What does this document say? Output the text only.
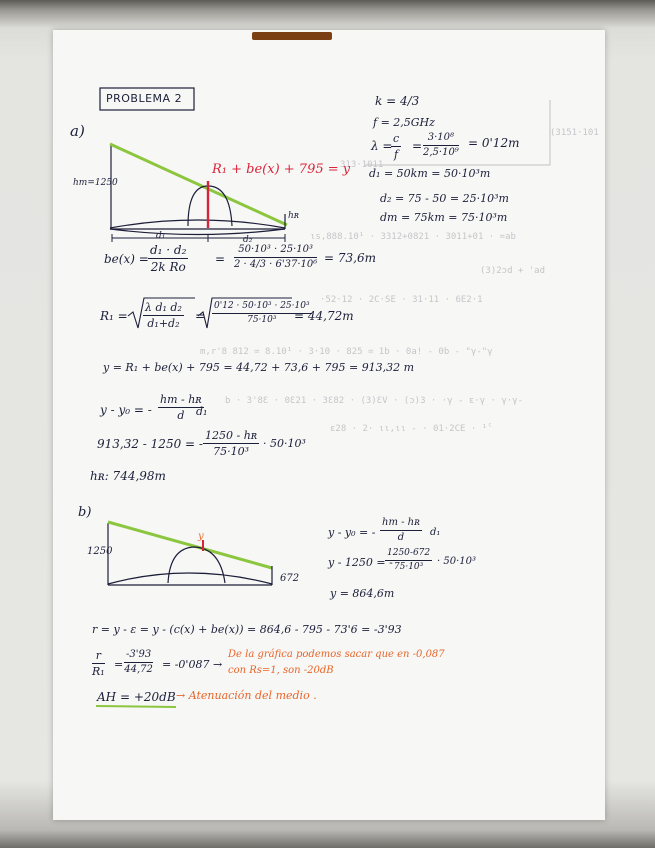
313·1011
(3151·101
ιs,888.10¹ · 3312+0821 · 3011+01 · =ab
(3)2ɔd + 'ad
·52·12 · 2C·SE · 31·11 · 6E2·1
m,r'8 812 = 8.10¹ · 3·10 · 825 = 1b · 0a! - 0b - "γ-"γ
b · 3'8Ɛ · 0Ɛ21 · 3Ɛ82 · (3)ƐV · (ɔ)3 · ·γ - ɛ·γ · γ·γ-
ɛ28 · 2· ιι,ιι - · 01·2CE · ¹ˁ
PROBLEMA 2
a)
k = 4/3
f = 2,5GHz
λ =
$\frac{c}{f} = \frac{\text{3·10⁸}}{\text{2,5·10⁹}} = 0'12m$
d₁ = 50km = 50·10³m
d₂ = 75 - 50 = 25·10³m
dт = 75km = 75·10³m
hт=1250
hʀ
d₁	d₂
R₁ + be(x) + 795 = y
$be(x) = \frac{\text{d₁ · d₂}}{\text{2k Ro}} = \frac{\text{50·10³ · 25·10³}}{\text{2 · 4/3 · 6'37·10⁶}} = 73,6m$
$R_1 = \frac{\text{λ d₁ d₂}}{\text{d₁+d₂}} = \frac{\text{0'12 · 50·10³ · 25·10³}}{\text{75·10³}}$
= 44,72m
y = R₁ + be(x) + 795 = 44,72 + 73,6 + 795 = 913,32 m
y - y₀ = -
hт - hʀ
d	d₁
913,32 - 1250 = - $\frac{\text{1250 - hʀ}}{\text{75·10³}} \cdot 50\cdot 10^3$
hʀ: 744,98m
b)
1250
672
y	y - y₀ = -
hт - hʀ
d	d₁
y - 1250 = -
$\frac{1250-672}{\text{75·10³}} \cdot 50\cdot 10^3$
y = 864,6m
r = y - ε = y - (c(x) + be(x)) = 864,6 - 795 - 73'6 = -3'93
$\frac{r}{\text{R₁}} = \frac{-3'93}{44,72} = -0'087$ →
De la gráfica podemos sacar que en -0,087
con Rs=1, son -20dB
AH = +20dB → Atenuación del medio .
